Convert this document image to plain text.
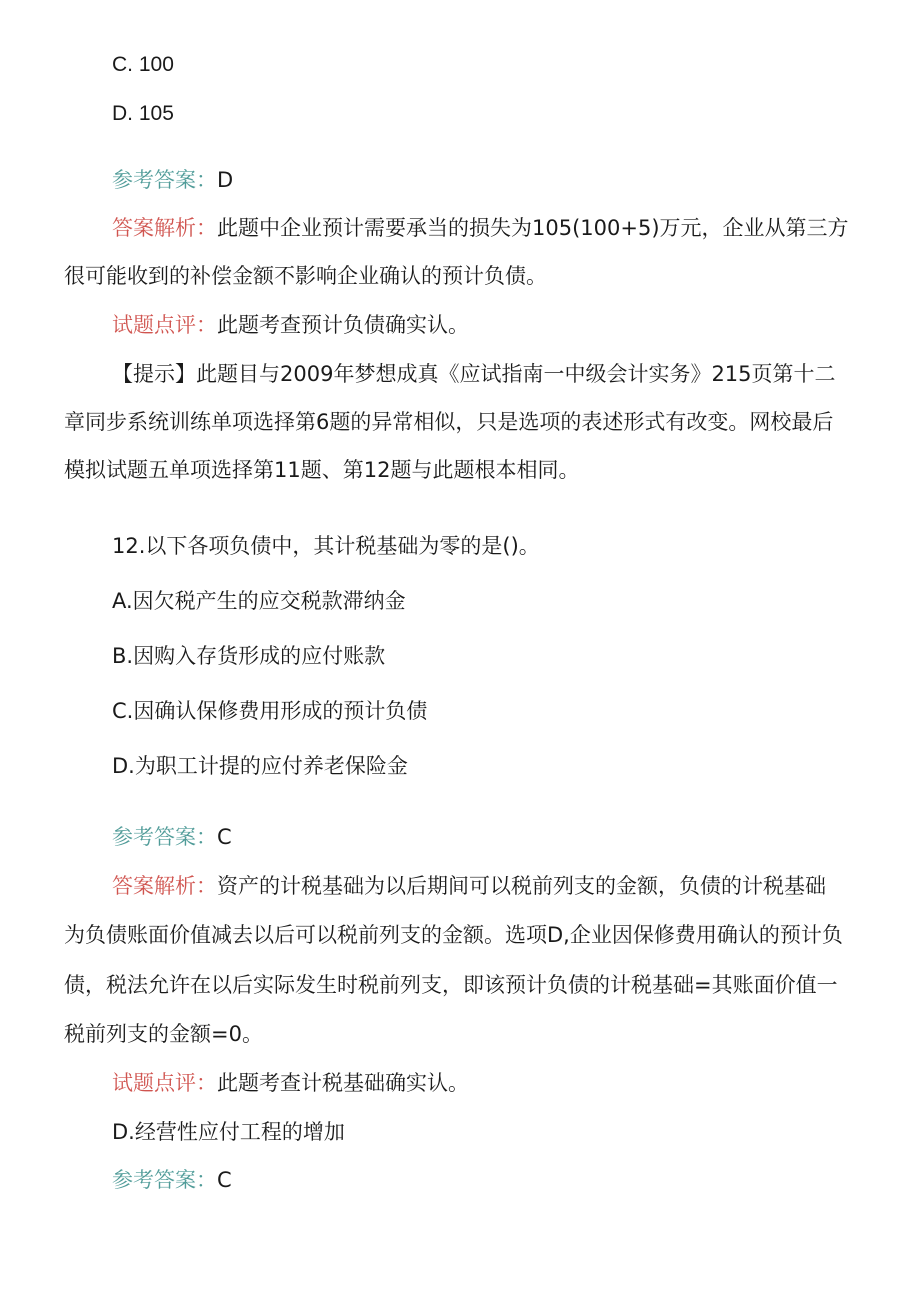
C. 100
D. 105
参考答案：D
答案解析：此题中企业预计需要承当的损失为105(100+5)万元，企业从第三方
很可能收到的补偿金额不影响企业确认的预计负债。
试题点评：此题考查预计负债确实认。
【提示】此题目与2009年梦想成真《应试指南一中级会计实务》215页第十二
章同步系统训练单项选择第6题的异常相似，只是选项的表述形式有改变。网校最后
模拟试题五单项选择第11题、第12题与此题根本相同。
12.以下各项负债中，其计税基础为零的是()。
A.因欠税产生的应交税款滞纳金
B.因购入存货形成的应付账款
C.因确认保修费用形成的预计负债
D.为职工计提的应付养老保险金
参考答案：C
答案解析：资产的计税基础为以后期间可以税前列支的金额，负债的计税基础
为负债账面价值减去以后可以税前列支的金额。选项D,企业因保修费用确认的预计负
债，税法允许在以后实际发生时税前列支，即该预计负债的计税基础=其账面价值一
税前列支的金额=0。
试题点评：此题考查计税基础确实认。
D.经营性应付工程的增加
参考答案：C
